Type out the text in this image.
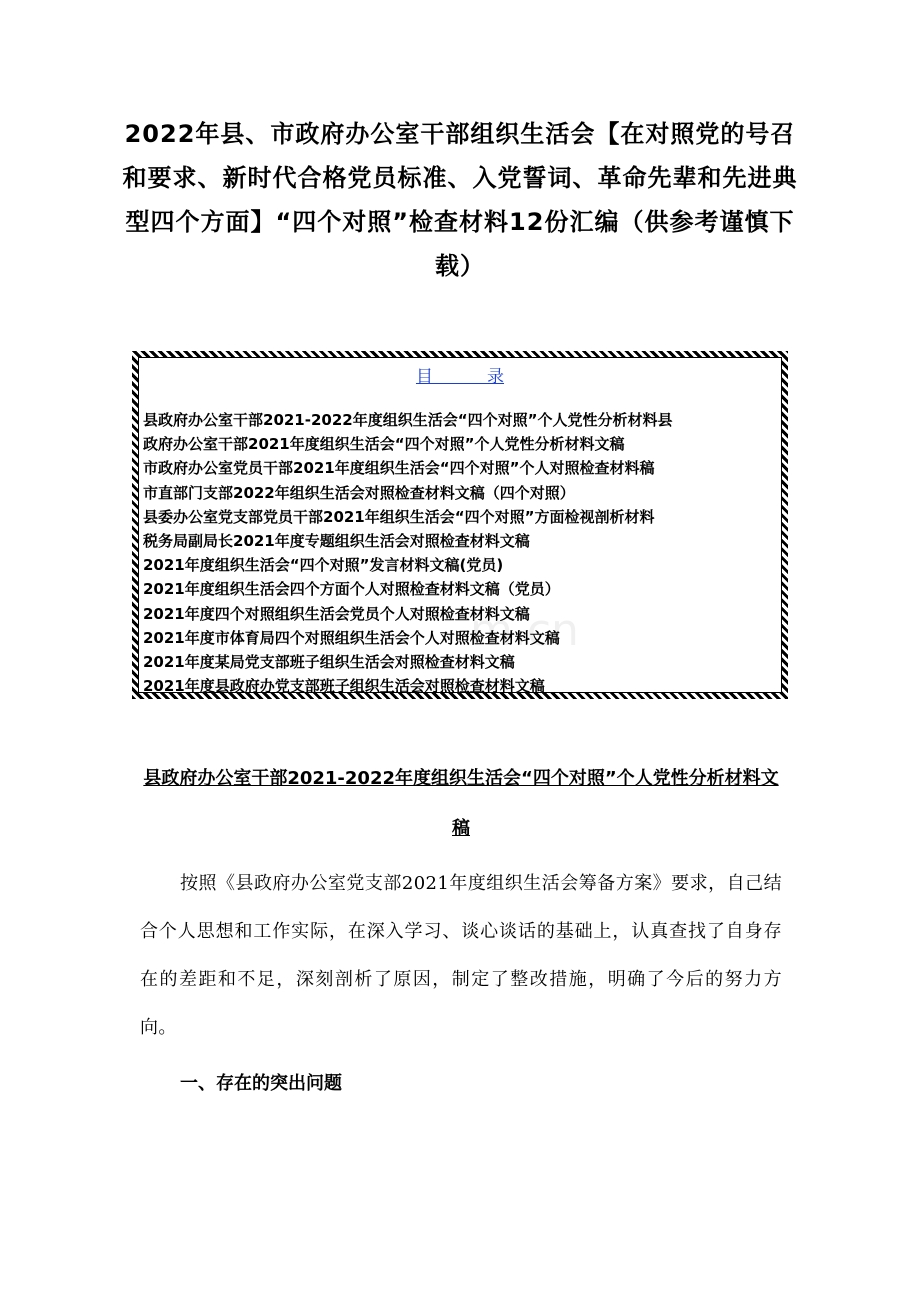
2022年县、市政府办公室干部组织生活会【在对照党的号召和要求、新时代合格党员标准、入党誓词、革命先辈和先进典型四个方面】“四个对照”检查材料12份汇编（供参考谨慎下载）
目          录
县政府办公室干部2021-2022年度组织生活会“四个对照”个人党性分析材料县
政府办公室干部2021年度组织生活会“四个对照”个人党性分析材料文稿
市政府办公室党员干部2021年度组织生活会“四个对照”个人对照检查材料稿
市直部门支部2022年组织生活会对照检查材料文稿（四个对照）
县委办公室党支部党员干部2021年组织生活会“四个对照”方面检视剖析材料
税务局副局长2021年度专题组织生活会对照检查材料文稿
2021年度组织生活会“四个对照”发言材料文稿(党员)
2021年度组织生活会四个方面个人对照检查材料文稿（党员）
2021年度四个对照组织生活会党员个人对照检查材料文稿
2021年度市体育局四个对照组织生活会个人对照检查材料文稿
2021年度某局党支部班子组织生活会对照检查材料文稿
2021年度县政府办党支部班子组织生活会对照检查材料文稿
m.cn
县政府办公室干部2021-2022年度组织生活会“四个对照”个人党性分析材料文稿

按照《县政府办公室党支部2021年度组织生活会筹备方案》要求，自己结合个人思想和工作实际，在深入学习、谈心谈话的基础上，认真查找了自身存在的差距和不足，深刻剖析了原因，制定了整改措施，明确了今后的努力方向。

一、存在的突出问题
